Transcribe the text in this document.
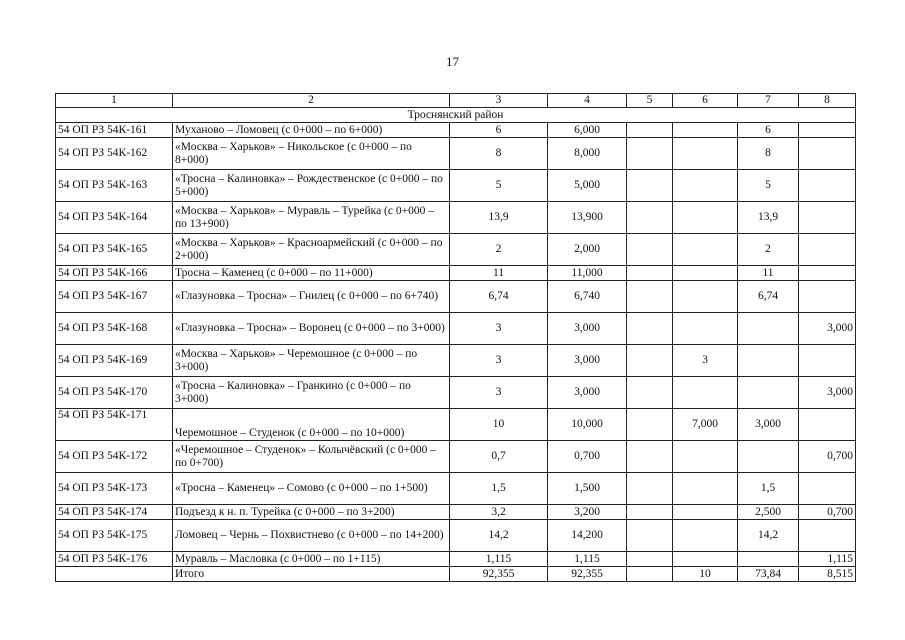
17
1	2	3	4	5	6	7	8
Троснянский район							
54 ОП РЗ 54К-161	Муханово – Ломовец (с 0+000 – по 6+000)	6	6,000			6	
54 ОП РЗ 54К-162	«Москва – Харьков» – Никольское (с 0+000 – по 8+000)	8	8,000			8	
54 ОП РЗ 54К-163	«Тросна – Калиновка» – Рождественское (с 0+000 – по 5+000)	5	5,000			5	
54 ОП РЗ 54К-164	«Москва – Харьков» – Муравль – Турейка (с 0+000 – по 13+900)	13,9	13,900			13,9	
54 ОП РЗ 54К-165	«Москва – Харьков» – Красноармейский (с 0+000 – по 2+000)	2	2,000			2	
54 ОП РЗ 54К-166	Тросна – Каменец (с 0+000 – по 11+000)	11	11,000			11	
54 ОП РЗ 54К-167	«Глазуновка – Тросна» – Гнилец (с 0+000 – по 6+740)	6,74	6,740			6,74	
54 ОП РЗ 54К-168	«Глазуновка – Тросна» – Воронец (с 0+000 – по 3+000)	3	3,000				3,000
54 ОП РЗ 54К-169	«Москва – Харьков» – Черемошное (с 0+000 – по 3+000)	3	3,000		3		
54 ОП РЗ 54К-170	«Тросна – Калиновка» – Гранкино (с 0+000 – по 3+000)	3	3,000				3,000
54 ОП РЗ 54К-171	Черемошное – Студенок (с 0+000 – по 10+000)	10	10,000		7,000	3,000	
54 ОП РЗ 54К-172	«Черемошное – Студенок» – Колычёвский (с 0+000 – по 0+700)	0,7	0,700				0,700
54 ОП РЗ 54К-173	«Тросна – Каменец» – Сомово (с 0+000 – по 1+500)	1,5	1,500			1,5	
54 ОП РЗ 54К-174	Подъезд к н. п. Турейка (с 0+000 – по 3+200)	3,2	3,200			2,500	0,700
54 ОП РЗ 54К-175	Ломовец – Чернь – Похвистнево (с 0+000 – по 14+200)	14,2	14,200			14,2	
54 ОП РЗ 54К-176	Муравль – Масловка (с 0+000 – по 1+115)	1,115	1,115				1,115
	Итого	92,355	92,355		10	73,84	8,515
